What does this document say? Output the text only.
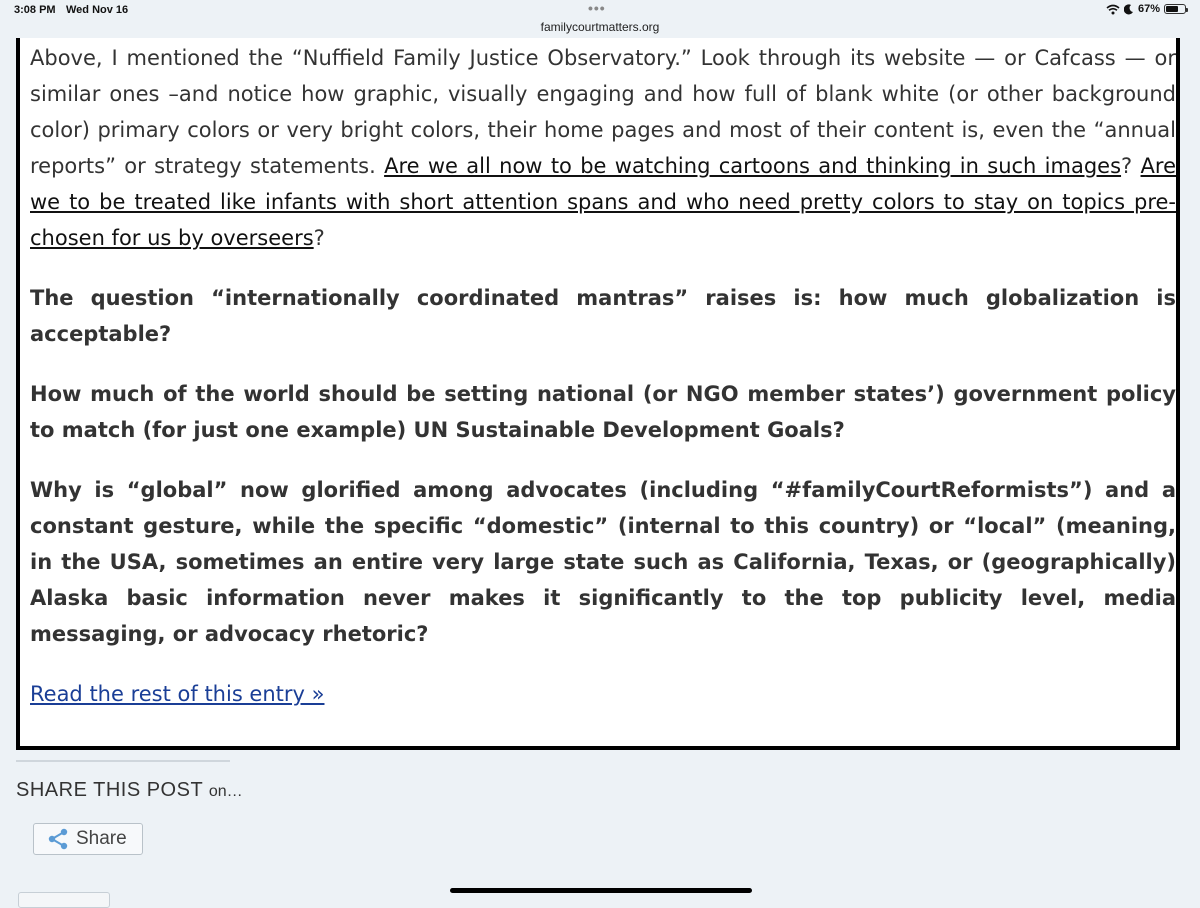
3:08 PM Wed Nov 16	•••	67%
familycourtmatters.org

Above, I mentioned the “Nuffield Family Justice Observatory.” Look through its website — or Cafcass — or similar ones –and notice how graphic, visually engaging and how full of blank white (or other background color) primary colors or very bright colors, their home pages and most of their content is, even the “annual reports” or strategy statements. Are we all now to be watching cartoons and thinking in such images? Are we to be treated like infants with short attention spans and who need pretty colors to stay on topics pre-chosen for us by overseers?

The question “internationally coordinated mantras” raises is: how much globalization is acceptable?

How much of the world should be setting national (or NGO member states’) government policy to match (for just one example) UN Sustainable Development Goals?

Why is “global” now glorified among advocates (including “#familyCourtReformists”) and a constant gesture, while the specific “domestic” (internal to this country) or “local” (meaning, in the USA, sometimes an entire very large state such as California, Texas, or (geographically) Alaska basic information never makes it significantly to the top publicity level, media messaging, or advocacy rhetoric?

Read the rest of this entry »

SHARE THIS POST on…
Share
